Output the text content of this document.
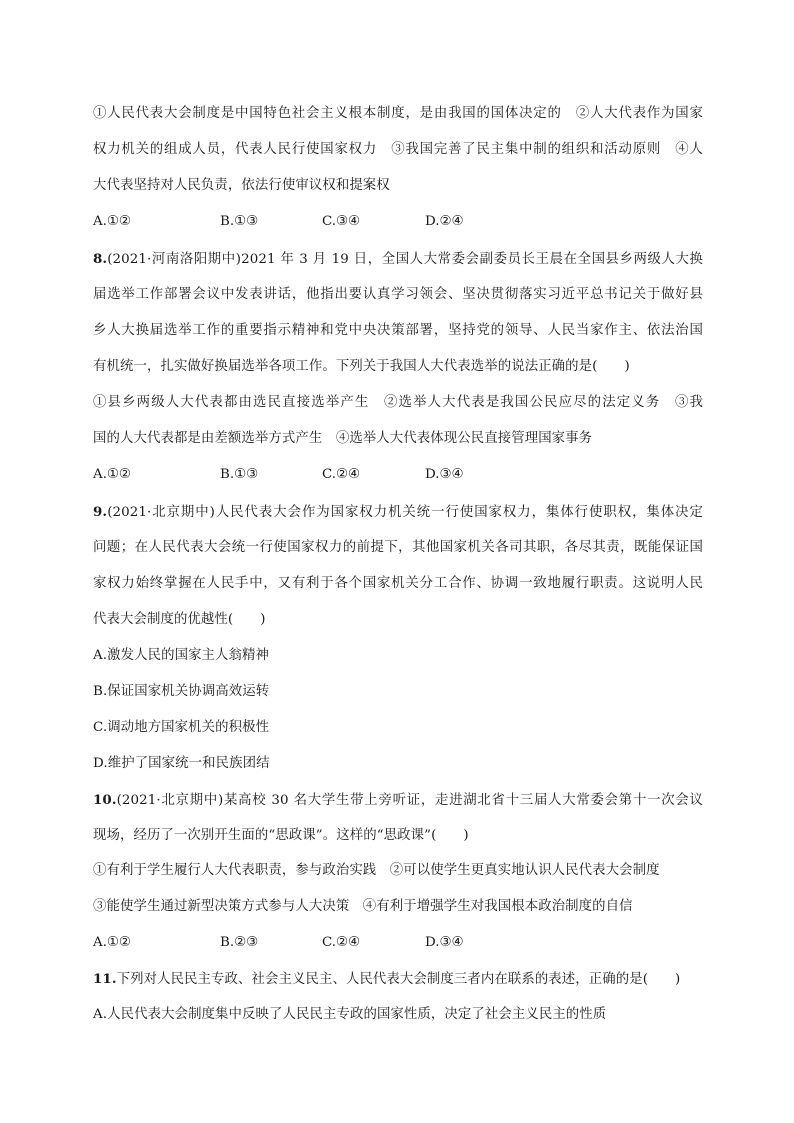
①人民代表大会制度是中国特色社会主义根本制度，是由我国的国体决定的　②人大代表作为国家
权力机关的组成人员，代表人民行使国家权力　③我国完善了民主集中制的组织和活动原则　④人
大代表坚持对人民负责，依法行使审议权和提案权
A.①②	B.①③	C.③④	D.②④
8.(2021·河南洛阳期中)2021 年 3 月 19 日，全国人大常委会副委员长王晨在全国县乡两级人大换
届选举工作部署会议中发表讲话，他指出要认真学习领会、坚决贯彻落实习近平总书记关于做好县
乡人大换届选举工作的重要指示精神和党中央决策部署，坚持党的领导、人民当家作主、依法治国
有机统一，扎实做好换届选举各项工作。下列关于我国人大代表选举的说法正确的是(　　)
①县乡两级人大代表都由选民直接选举产生　②选举人大代表是我国公民应尽的法定义务　③我
国的人大代表都是由差额选举方式产生　④选举人大代表体现公民直接管理国家事务
A.①②	B.①③	C.②④	D.③④
9.(2021·北京期中)人民代表大会作为国家权力机关统一行使国家权力，集体行使职权，集体决定
问题；在人民代表大会统一行使国家权力的前提下，其他国家机关各司其职，各尽其责，既能保证国
家权力始终掌握在人民手中，又有利于各个国家机关分工合作、协调一致地履行职责。这说明人民
代表大会制度的优越性(　　)
A.激发人民的国家主人翁精神
B.保证国家机关协调高效运转
C.调动地方国家机关的积极性
D.维护了国家统一和民族团结
10.(2021·北京期中)某高校 30 名大学生带上旁听证，走进湖北省十三届人大常委会第十一次会议
现场，经历了一次别开生面的“思政课”。这样的“思政课”(　　)
①有利于学生履行人大代表职责，参与政治实践　②可以使学生更真实地认识人民代表大会制度
③能使学生通过新型决策方式参与人大决策　④有利于增强学生对我国根本政治制度的自信
A.①②	B.②③	C.②④	D.③④
11.下列对人民民主专政、社会主义民主、人民代表大会制度三者内在联系的表述，正确的是(　　)
A.人民代表大会制度集中反映了人民民主专政的国家性质，决定了社会主义民主的性质
